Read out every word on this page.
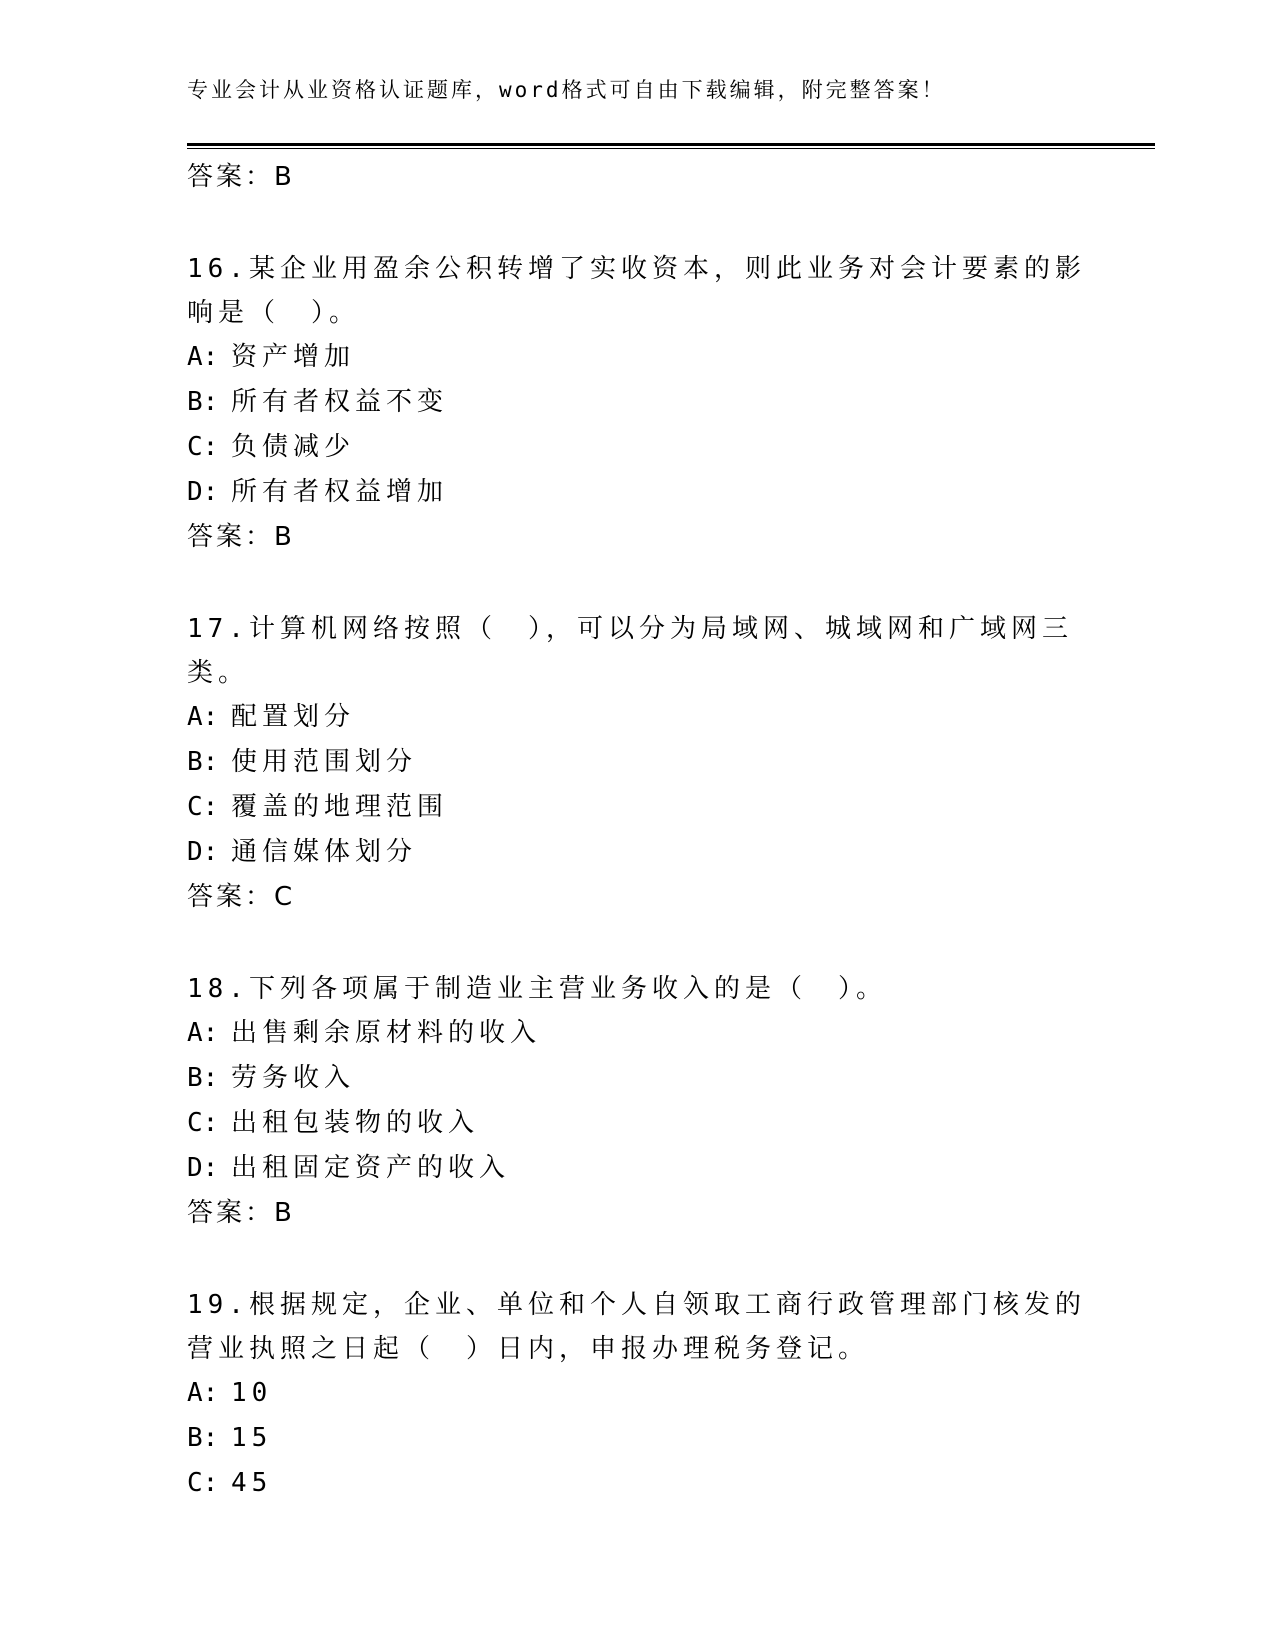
专业会计从业资格认证题库，word格式可自由下载编辑，附完整答案！
答案：B
16.某企业用盈余公积转增了实收资本，则此业务对会计要素的影响是（　）。
A: 资产增加
B: 所有者权益不变
C: 负债减少
D: 所有者权益增加
答案：B
17.计算机网络按照（　），可以分为局域网、城域网和广域网三类。
A: 配置划分
B: 使用范围划分
C: 覆盖的地理范围
D: 通信媒体划分
答案：C
18.下列各项属于制造业主营业务收入的是（　）。
A: 出售剩余原材料的收入
B: 劳务收入
C: 出租包装物的收入
D: 出租固定资产的收入
答案：B
19.根据规定，企业、单位和个人自领取工商行政管理部门核发的营业执照之日起（　）日内，申报办理税务登记。
A: 10
B: 15
C: 45
